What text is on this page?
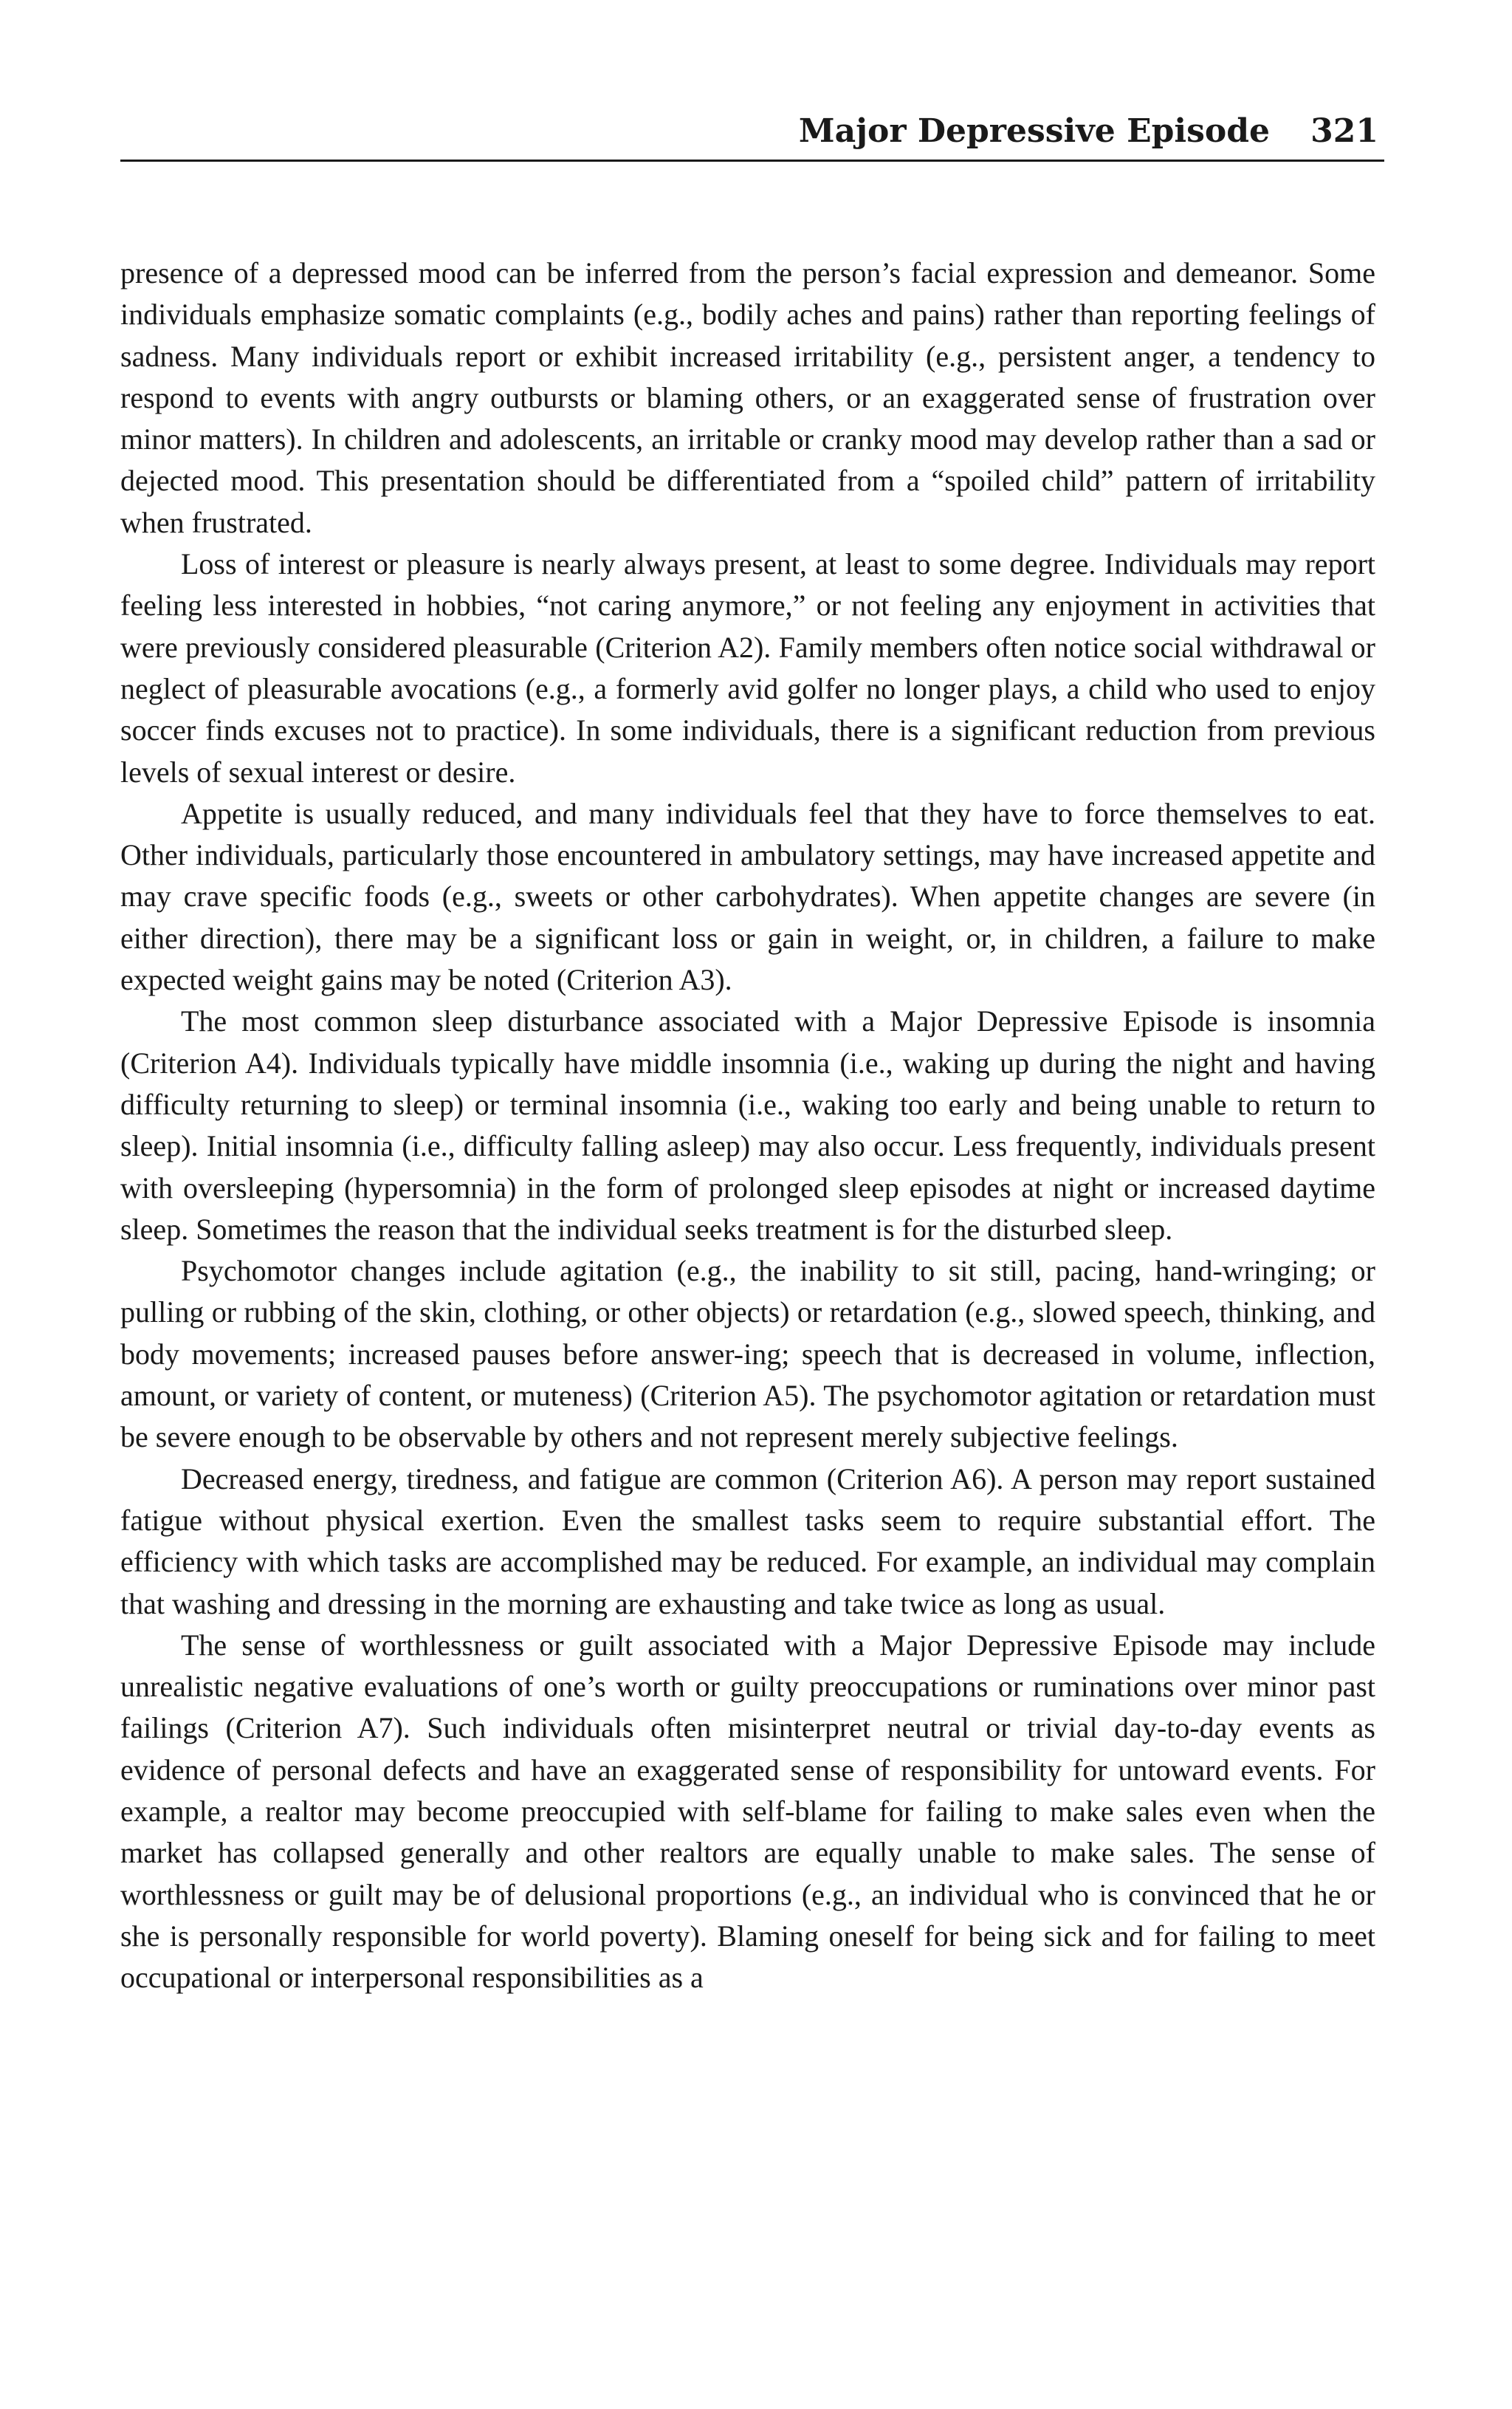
Major Depressive Episode 321

presence of a depressed mood can be inferred from the person’s facial expression and demeanor. Some individuals emphasize somatic complaints (e.g., bodily aches and pains) rather than reporting feelings of sadness. Many individuals report or exhibit increased irritability (e.g., persistent anger, a tendency to respond to events with angry outbursts or blaming others, or an exaggerated sense of frustration over minor matters). In children and adolescents, an irritable or cranky mood may develop rather than a sad or dejected mood. This presentation should be differentiated from a “spoiled child” pattern of irritability when frustrated.

Loss of interest or pleasure is nearly always present, at least to some degree. Individuals may report feeling less interested in hobbies, “not caring anymore,” or not feeling any enjoyment in activities that were previously considered pleasurable (Criterion A2). Family members often notice social withdrawal or neglect of pleasurable avocations (e.g., a formerly avid golfer no longer plays, a child who used to enjoy soccer finds excuses not to practice). In some individuals, there is a significant reduction from previous levels of sexual interest or desire.

Appetite is usually reduced, and many individuals feel that they have to force themselves to eat. Other individuals, particularly those encountered in ambulatory settings, may have increased appetite and may crave specific foods (e.g., sweets or other carbohydrates). When appetite changes are severe (in either direction), there may be a significant loss or gain in weight, or, in children, a failure to make expected weight gains may be noted (Criterion A3).

The most common sleep disturbance associated with a Major Depressive Episode is insomnia (Criterion A4). Individuals typically have middle insomnia (i.e., waking up during the night and having difficulty returning to sleep) or terminal insomnia (i.e., waking too early and being unable to return to sleep). Initial insomnia (i.e., difficulty falling asleep) may also occur. Less frequently, individuals present with oversleeping (hypersomnia) in the form of prolonged sleep episodes at night or increased daytime sleep. Sometimes the reason that the individual seeks treatment is for the disturbed sleep.

Psychomotor changes include agitation (e.g., the inability to sit still, pacing, hand-wringing; or pulling or rubbing of the skin, clothing, or other objects) or retardation (e.g., slowed speech, thinking, and body movements; increased pauses before answer-ing; speech that is decreased in volume, inflection, amount, or variety of content, or muteness) (Criterion A5). The psychomotor agitation or retardation must be severe enough to be observable by others and not represent merely subjective feelings.

Decreased energy, tiredness, and fatigue are common (Criterion A6). A person may report sustained fatigue without physical exertion. Even the smallest tasks seem to require substantial effort. The efficiency with which tasks are accomplished may be reduced. For example, an individual may complain that washing and dressing in the morning are exhausting and take twice as long as usual.

The sense of worthlessness or guilt associated with a Major Depressive Episode may include unrealistic negative evaluations of one’s worth or guilty preoccupations or ruminations over minor past failings (Criterion A7). Such individuals often misinterpret neutral or trivial day-to-day events as evidence of personal defects and have an exaggerated sense of responsibility for untoward events. For example, a realtor may become preoccupied with self-blame for failing to make sales even when the market has collapsed generally and other realtors are equally unable to make sales. The sense of worthlessness or guilt may be of delusional proportions (e.g., an individual who is convinced that he or she is personally responsible for world poverty). Blaming oneself for being sick and for failing to meet occupational or interpersonal responsibilities as a
